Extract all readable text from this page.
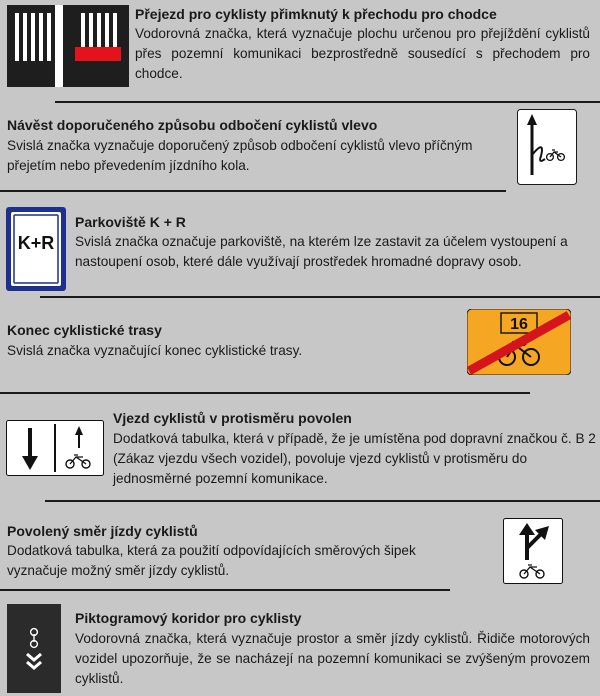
Přejezd pro cyklisty přimknutý k přechodu pro chodce
Vodorovná značka, která vyznačuje plochu určenou pro přejíždění cyklistů přes pozemní komunikaci bezprostředně sousedící s přechodem pro chodce.
Návěst doporučeného způsobu odbočení cyklistů vlevo
Svislá značka vyznačuje doporučený způsob odbočení cyklistů vlevo příčným přejetím nebo převedením jízdního kola.
K+R
Parkoviště K + R
Svislá značka označuje parkoviště, na kterém lze zastavit za účelem vystoupení a nastoupení osob, které dále využívají prostředek hromadné dopravy osob.
Konec cyklistické trasy
Svislá značka vyznačující konec cyklistické trasy.
16
Vjezd cyklistů v protisměru povolen
Dodatková tabulka, která v případě, že je umístěna pod dopravní značkou č. B 2 (Zákaz vjezdu všech vozidel), povoluje vjezd cyklistů v protisměru do jednosměrné pozemní komunikace.
Povolený směr jízdy cyklistů
Dodatková tabulka, která za použití odpovídajících směrových šipek vyznačuje možný směr jízdy cyklistů.
Piktogramový koridor pro cyklisty
Vodorovná značka, která vyznačuje prostor a směr jízdy cyklistů. Řidiče motorových vozidel upozorňuje, že se nacházejí na pozemní komunikaci se zvýšeným provozem cyklistů.
